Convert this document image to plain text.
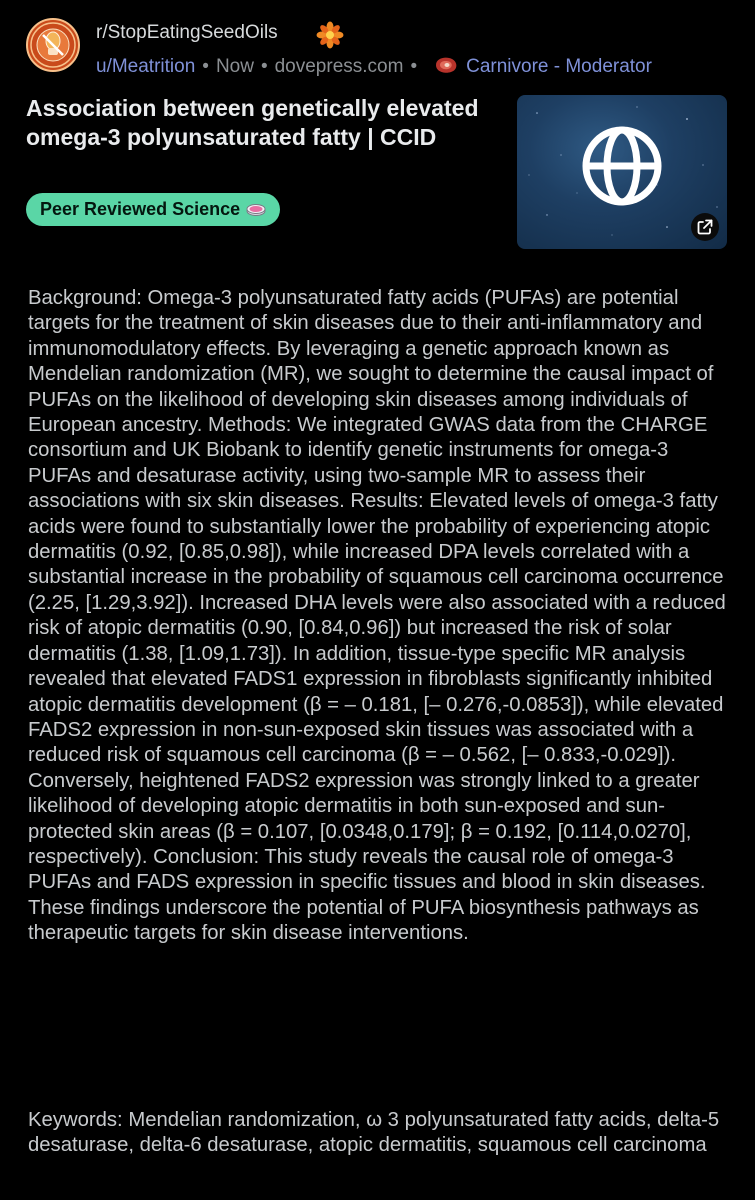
r/StopEatingSeedOils
u/Meatrition • Now • dovepress.com •	Carnivore - Moderator
Association between genetically elevated omega-3 polyunsaturated fatty | CCID
Peer Reviewed Science

Background: Omega-3 polyunsaturated fatty acids (PUFAs) are potential targets for the treatment of skin diseases due to their anti-inflammatory and immunomodulatory effects. By leveraging a genetic approach known as Mendelian randomization (MR), we sought to determine the causal impact of PUFAs on the likelihood of developing skin diseases among individuals of European ancestry. Methods: We integrated GWAS data from the CHARGE consortium and UK Biobank to identify genetic instruments for omega-3 PUFAs and desaturase activity, using two-sample MR to assess their associations with six skin diseases. Results: Elevated levels of omega-3 fatty acids were found to substantially lower the probability of experiencing atopic dermatitis (0.92, [0.85,0.98]), while increased DPA levels correlated with a substantial increase in the probability of squamous cell carcinoma occurrence (2.25, [1.29,3.92]). Increased DHA levels were also associated with a reduced risk of atopic dermatitis (0.90, [0.84,0.96]) but increased the risk of solar dermatitis (1.38, [1.09,1.73]). In addition, tissue-type specific MR analysis revealed that elevated FADS1 expression in fibroblasts significantly inhibited atopic dermatitis development (β = – 0.181, [– 0.276,-0.0853]), while elevated FADS2 expression in non-sun-exposed skin tissues was associated with a reduced risk of squamous cell carcinoma (β = – 0.562, [– 0.833,-0.029]). Conversely, heightened FADS2 expression was strongly linked to a greater likelihood of developing atopic dermatitis in both sun-exposed and sun-protected skin areas (β = 0.107, [0.0348,0.179]; β = 0.192, [0.114,0.0270], respectively). Conclusion: This study reveals the causal role of omega-3 PUFAs and FADS expression in specific tissues and blood in skin diseases. These findings underscore the potential of PUFA biosynthesis pathways as therapeutic targets for skin disease interventions.

Keywords: Mendelian randomization, ω 3 polyunsaturated fatty acids, delta-5 desaturase, delta-6 desaturase, atopic dermatitis, squamous cell carcinoma
